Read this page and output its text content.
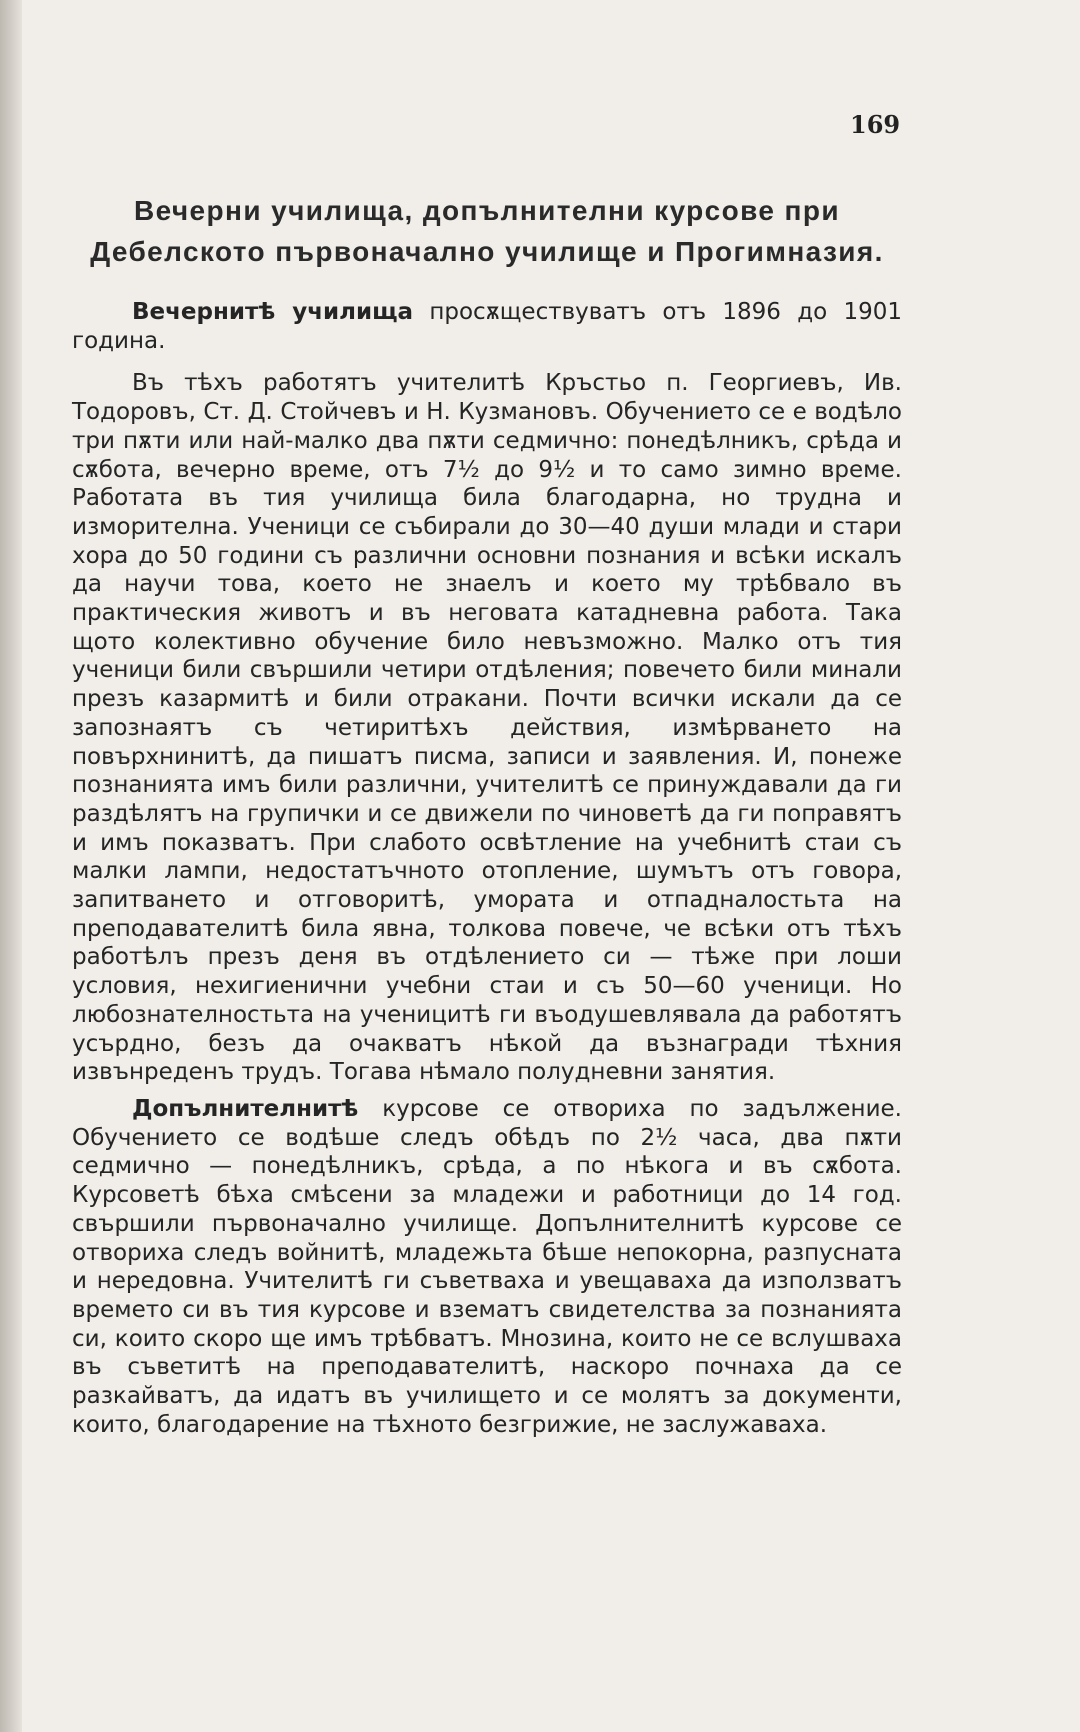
169
Вечерни училища, допълнителни курсове при Дебелското първоначално училище и Прогимназия.

Вечернитѣ училища просѫществуватъ отъ 1896 до 1901 година.

Въ тѣхъ работятъ учителитѣ Кръстьо п. Георгиевъ, Ив. Тодоровъ, Ст. Д. Стойчевъ и Н. Кузмановъ. Обучението се е водѣло три пѫти или най-малко два пѫти седмично: понедѣлникъ, срѣда и сѫбота, вечерно време, отъ 7½ до 9½ и то само зимно време. Работата въ тия училища била благодарна, но трудна и изморителна. Ученици се събирали до 30—40 души млади и стари хора до 50 години съ различни основни познания и всѣки искалъ да научи това, което не знаелъ и което му трѣбвало въ практическия животъ и въ неговата катадневна работа. Така щото колективно обучение било невъзможно. Малко отъ тия ученици били свършили четири отдѣления; повечето били минали презъ казармитѣ и били отракани. Почти всички искали да се запознаятъ съ четиритѣхъ действия, измѣрването на повърхнинитѣ, да пишатъ писма, записи и заявления. И, понеже познанията имъ били различни, учителитѣ се принуждавали да ги раздѣлятъ на групички и се движели по чиноветѣ да ги поправятъ и имъ показватъ. При слабото освѣтление на учебнитѣ стаи съ малки лампи, недостатъчното отопление, шумътъ отъ говора, запитването и отговоритѣ, умората и отпадналостьта на преподавателитѣ била явна, толкова повече, че всѣки отъ тѣхъ работѣлъ презъ деня въ отдѣлението си — тѣже при лоши условия, нехигиенични учебни стаи и съ 50—60 ученици. Но любознателностьта на ученицитѣ ги въодушевлявала да работятъ усърдно, безъ да очакватъ нѣкой да възнагради тѣхния извънреденъ трудъ. Тогава нѣмало полудневни занятия.

Допълнителнитѣ курсове се отвориха по задължение. Обучението се водѣше следъ обѣдъ по 2½ часа, два пѫти седмично — понедѣлникъ, срѣда, а по нѣкога и въ сѫбота. Курсоветѣ бѣха смѣсени за младежи и работници до 14 год. свършили първоначално училище. Допълнителнитѣ курсове се отвориха следъ войнитѣ, младежьта бѣше непокорна, разпусната и нередовна. Учителитѣ ги съветваха и увещаваха да използватъ времето си въ тия курсове и взематъ свидетелства за познанията си, които скоро ще имъ трѣбватъ. Мнозина, които не се вслушваха въ съветитѣ на преподавателитѣ, наскоро почнаха да се разкайватъ, да идатъ въ училището и се молятъ за документи, които, благодарение на тѣхното безгрижие, не заслужаваха.
